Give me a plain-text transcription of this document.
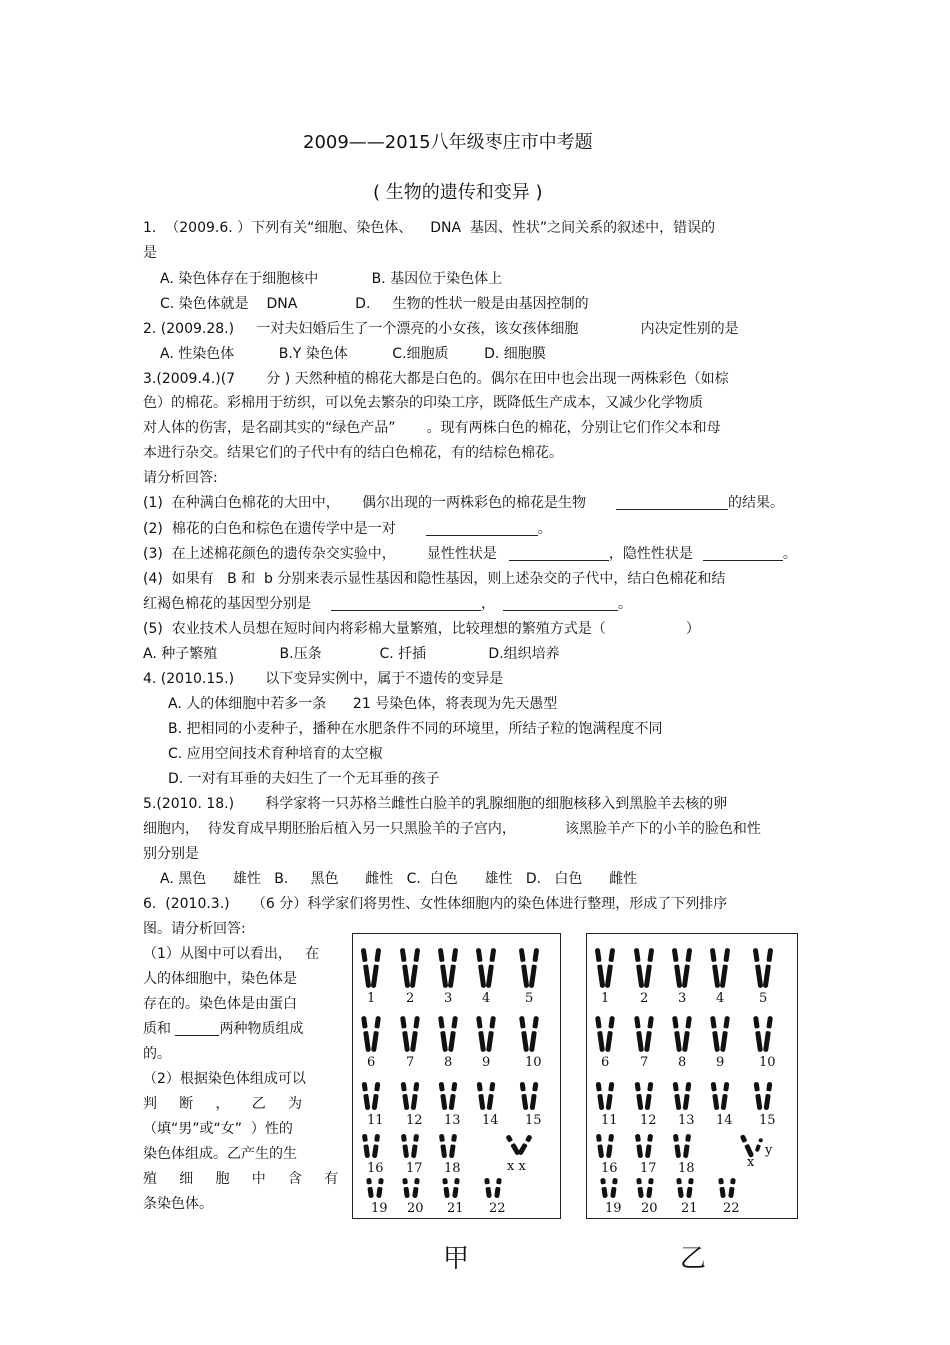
2009——2015八年级枣庄市中考题
( 生物的遗传和变异 )
1.  （2009.6. ）下列有关“细胞、染色体、    DNA  基因、性状”之间关系的叙述中，错误的
是
A. 染色体存在于细胞核中            B. 基因位于染色体上
C. 染色体就是    DNA             D.     生物的性状一般是由基因控制的
2. (2009.28.)     一对夫妇婚后生了一个漂亮的小女孩，该女孩体细胞              内决定性别的是
A. 性染色体          B.Y 染色体          C.细胞质        D. 细胞膜
3.(2009.4.)(7       分 ) 天然种植的棉花大都是白色的。偶尔在田中也会出现一两株彩色（如棕
色）的棉花。彩棉用于纺织，可以免去繁杂的印染工序，既降低生产成本，又减少化学物质
对人体的伤害，是名副其实的“绿色产品”       。现有两株白色的棉花，分别让它们作父本和母
本进行杂交。结果它们的子代中有的结白色棉花，有的结棕色棉花。
请分析回答:
(1)  在种满白色棉花的大田中，     偶尔出现的一两株彩色的棉花是生物	的结果。
(2)  棉花的白色和棕色在遗传学中是一对	。
(3)  在上述棉花颜色的遗传杂交实验中，       显性性状是	，隐性性状是	。
(4)  如果有   B 和  b 分别来表示显性基因和隐性基因，则上述杂交的子代中，结白色棉花和结
红褐色棉花的基因型分别是	，	。
(5)  农业技术人员想在短时间内将彩棉大量繁殖，比较理想的繁殖方式是（                  ）
A. 种子繁殖              B.压条             C. 扦插              D.组织培养
4. (2010.15.)       以下变异实例中，属于不遗传的变异是
A. 人的体细胞中若多一条      21 号染色体，将表现为先天愚型
B. 把相同的小麦种子，播种在水肥条件不同的环境里，所结子粒的饱满程度不同
C. 应用空间技术育种培育的太空椒
D. 一对有耳垂的夫妇生了一个无耳垂的孩子
5.(2010. 18.)       科学家将一只苏格兰雌性白脸羊的乳腺细胞的细胞核移入到黑脸羊去核的卵
细胞内，  待发育成早期胚胎后植入另一只黑脸羊的子宫内，           该黑脸羊产下的小羊的脸色和性
别分别是
A. 黑色      雄性   B.     黑色      雌性   C.  白色      雄性   D.   白色      雌性
6.  (2010.3.)     （6 分）科学家们将男性、女性体细胞内的染色体进行整理，形成了下列排序
图。请分析回答:
（1）从图中可以看出，   在
人的体细胞中，染色体是
存在的。染色体是由蛋白
质和	两种物质组成
的。
（2）根据染色体组成可以
判     断     ，     乙     为
（填“男”或“女”  ）性的
染色体组成。乙产生的生
殖     细     胞     中     含     有
条染色体。
1 2 3 4	5
6 7 8 9	10
11 12 13 14 15
16 17 18
19 20 21 22
x x
1 2 3 4	5
6 7 8 9	10
11 12 13 14 15
16 17 18
19 20 21 22
x
y
甲	乙
